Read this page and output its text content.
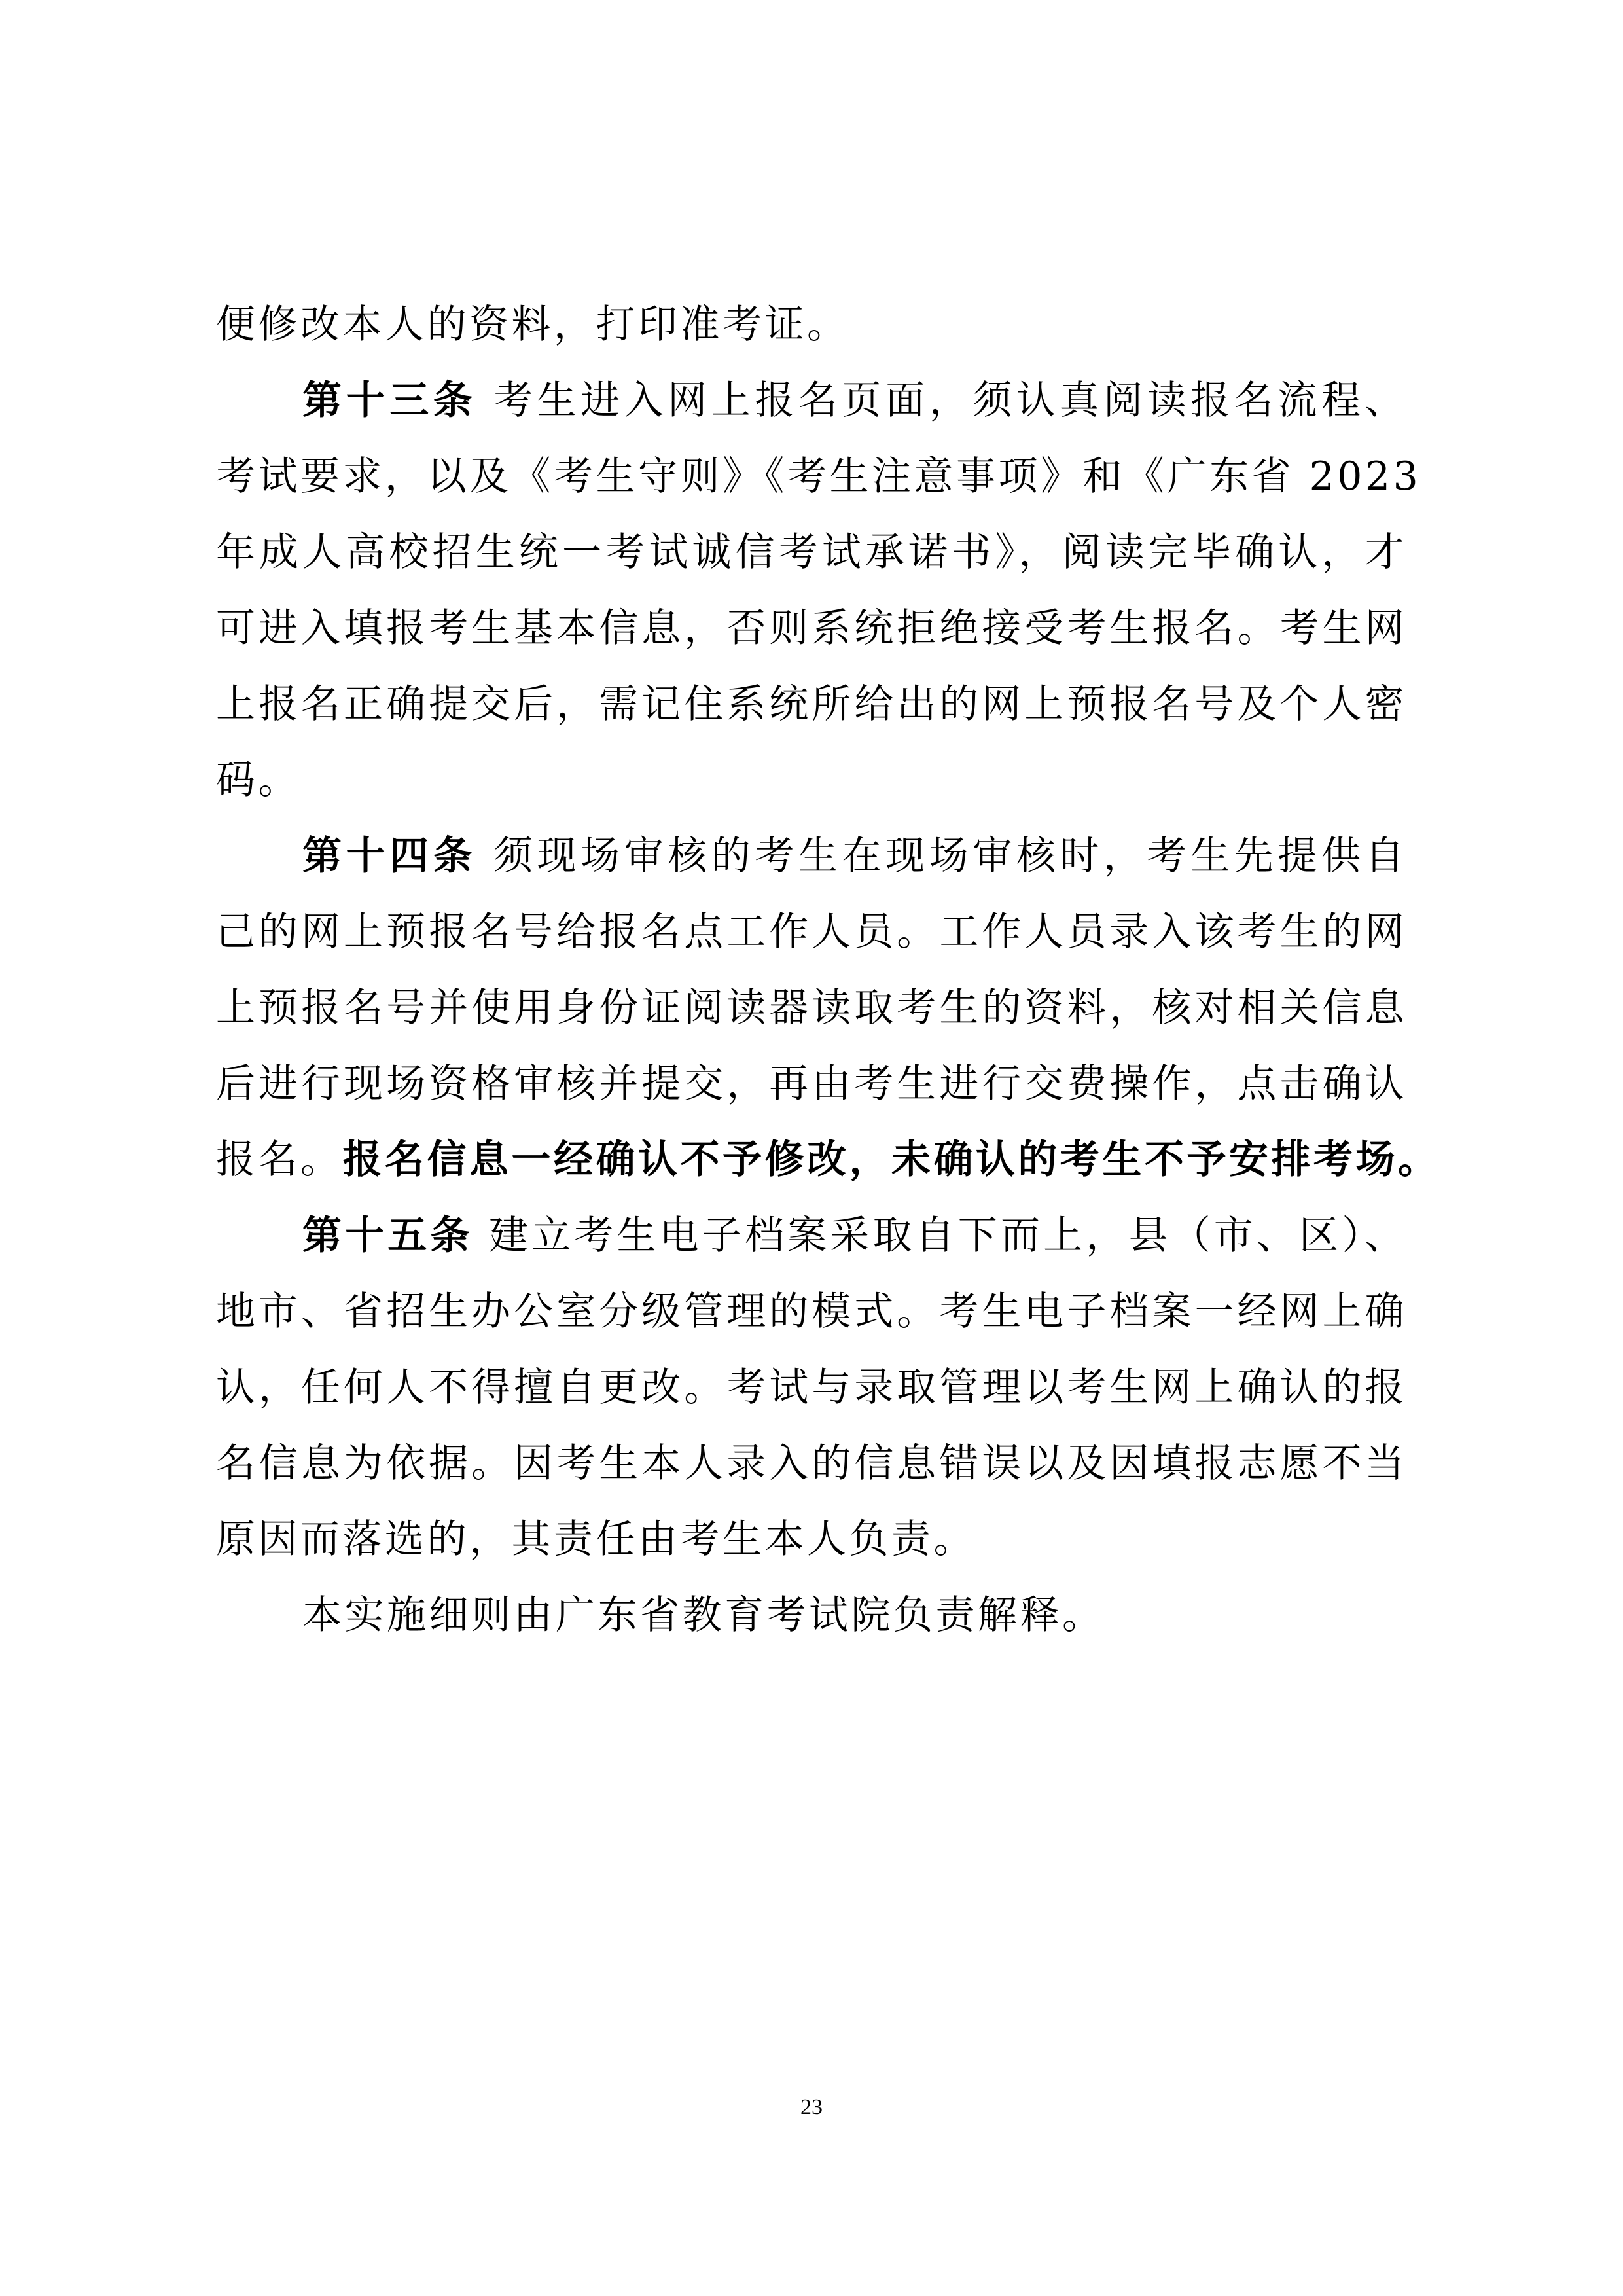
便修改本人的资料，打印准考证。
第十三条 考生进入网上报名页面，须认真阅读报名流程、
考试要求，以及《考生守则》《考生注意事项》和《广东省 2023
年成人高校招生统一考试诚信考试承诺书》，阅读完毕确认，才
可进入填报考生基本信息，否则系统拒绝接受考生报名。考生网
上报名正确提交后，需记住系统所给出的网上预报名号及个人密
码。
第十四条 须现场审核的考生在现场审核时，考生先提供自
己的网上预报名号给报名点工作人员。工作人员录入该考生的网
上预报名号并使用身份证阅读器读取考生的资料，核对相关信息
后进行现场资格审核并提交，再由考生进行交费操作，点击确认
报名。报名信息一经确认不予修改，未确认的考生不予安排考场。
第十五条 建立考生电子档案采取自下而上，县（市、区）、
地市、省招生办公室分级管理的模式。考生电子档案一经网上确
认，任何人不得擅自更改。考试与录取管理以考生网上确认的报
名信息为依据。因考生本人录入的信息错误以及因填报志愿不当
原因而落选的，其责任由考生本人负责。
本实施细则由广东省教育考试院负责解释。
23
